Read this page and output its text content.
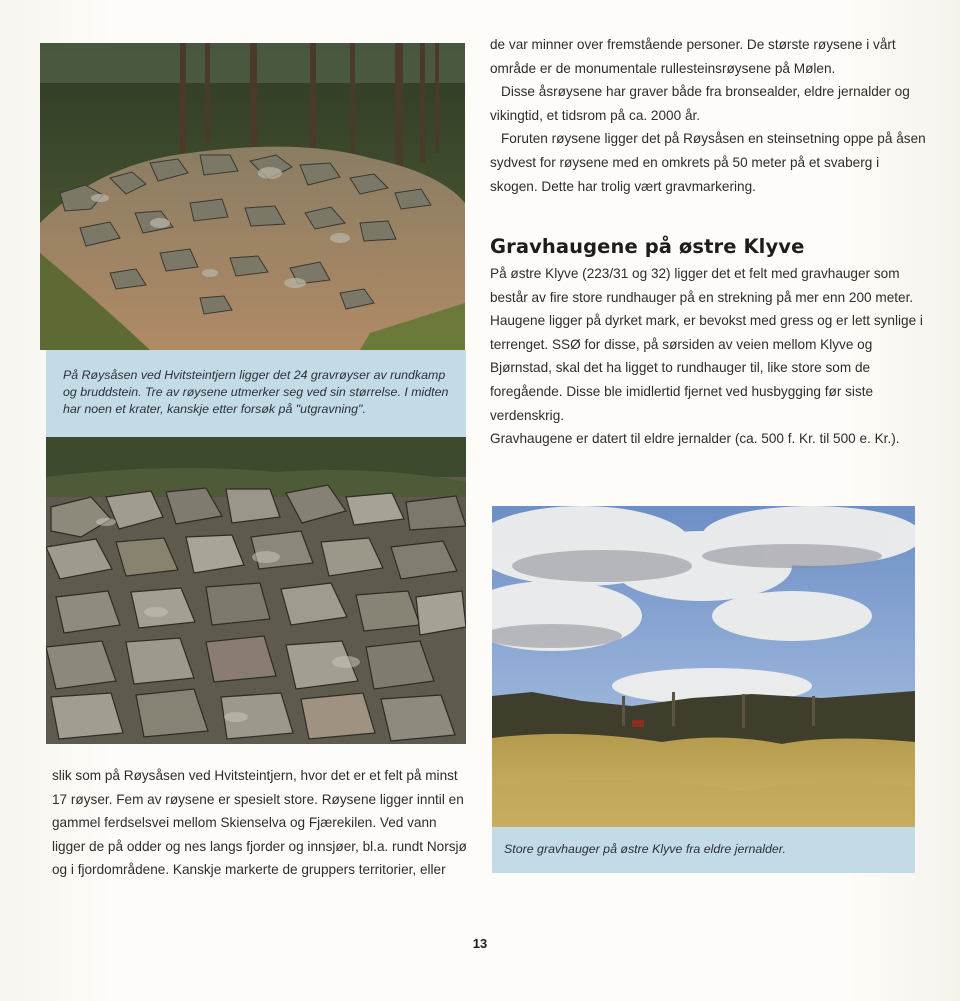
På Røysåsen ved Hvitsteintjern ligger det 24 gravrøyser av rundkamp og bruddstein. Tre av røysene utmerker seg ved sin størrelse. I midten har noen et krater, kanskje etter forsøk på "utgravning".
Store gravhauger på østre Klyve fra eldre jernalder.

de var minner over fremstående personer. De største røysene i vårt område er de monumentale rullesteinsrøysene på Mølen.

Disse åsrøysene har graver både fra bronsealder, eldre jernalder og vikingtid, et tidsrom på ca. 2000 år.

Foruten røysene ligger det på Røysåsen en steinsetning oppe på åsen sydvest for røysene med en omkrets på 50 meter på et svaberg i skogen. Dette har trolig vært gravmarkering.

Gravhaugene på østre Klyve

På østre Klyve (223/31 og 32) ligger det et felt med gravhauger som består av fire store rundhauger på en strekning på mer enn 200 meter. Haugene ligger på dyrket mark, er bevokst med gress og er lett synlige i terrenget. SSØ for disse, på sørsiden av veien mellom Klyve og Bjørnstad, skal det ha ligget to rundhauger til, like store som de foregående. Disse ble imidlertid fjernet ved husbygging før siste verdenskrig.

Gravhaugene er datert til eldre jernalder (ca. 500 f. Kr. til 500 e. Kr.).

slik som på Røysåsen ved Hvitsteintjern, hvor det er et felt på minst 17 røyser. Fem av røysene er spesielt store. Røysene ligger inntil en gammel ferdselsvei mellom Skienselva og Fjærekilen. Ved vann ligger de på odder og nes langs fjorder og innsjøer, bl.a. rundt Norsjø og i fjordområdene. Kanskje markerte de gruppers territorier, eller

13
